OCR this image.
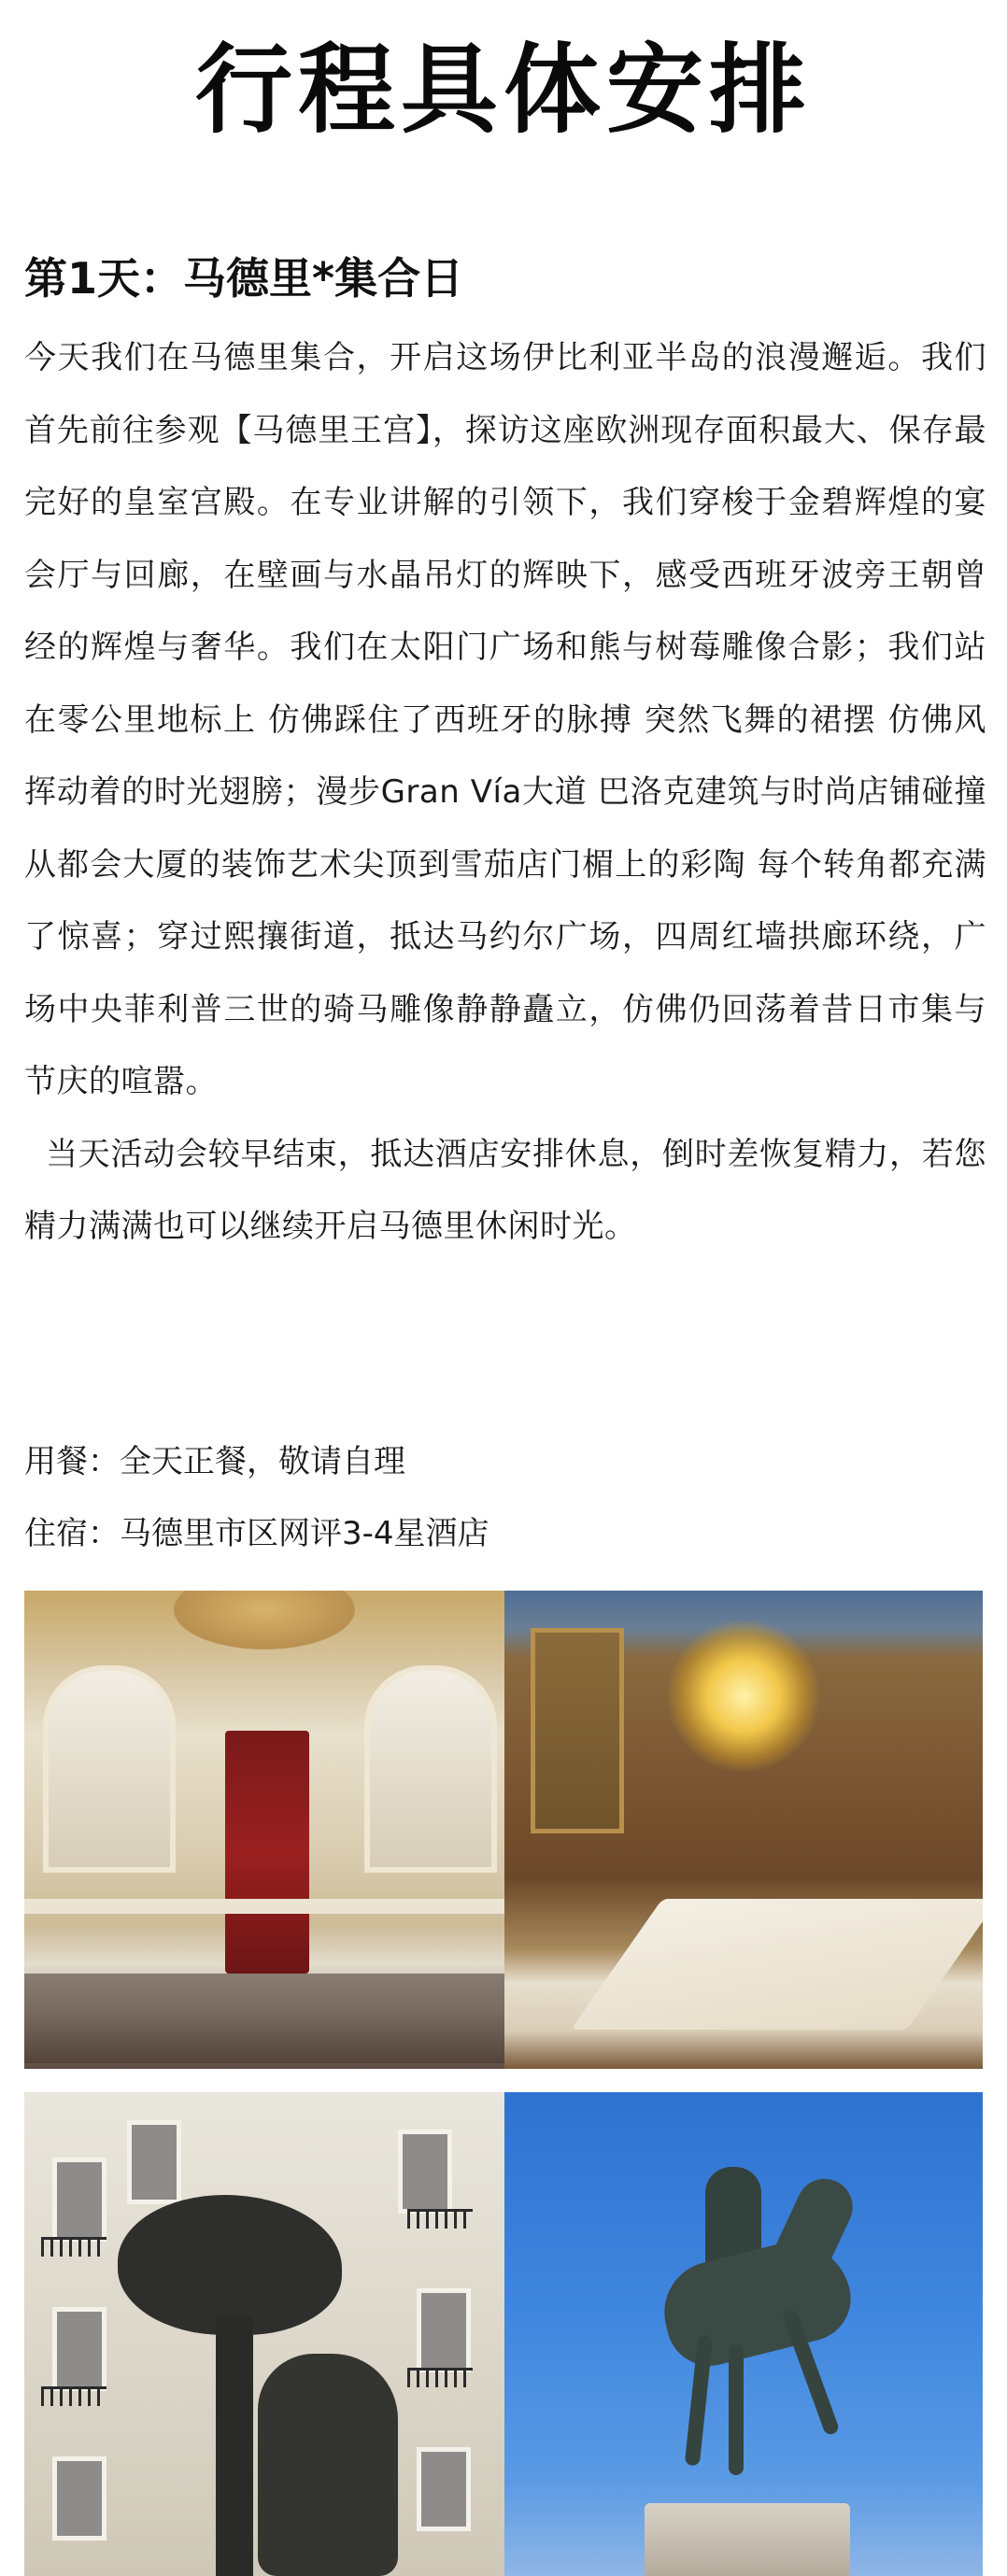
行程具体安排
第1天：马德里*集合日

今天我们在马德里集合，开启这场伊比利亚半岛的浪漫邂逅。我们首先前往参观【马德里王宫】，探访这座欧洲现存面积最大、保存最完好的皇室宫殿。在专业讲解的引领下，我们穿梭于金碧辉煌的宴会厅与回廊，在壁画与水晶吊灯的辉映下，感受西班牙波旁王朝曾经的辉煌与奢华。我们在太阳门广场和熊与树莓雕像合影；我们站在零公里地标上 仿佛踩住了西班牙的脉搏 突然飞舞的裙摆 仿佛风挥动着的时光翅膀；漫步Gran Vía大道 巴洛克建筑与时尚店铺碰撞 从都会大厦的装饰艺术尖顶到雪茄店门楣上的彩陶 每个转角都充满了惊喜；穿过熙攘街道，抵达马约尔广场，四周红墙拱廊环绕，广场中央菲利普三世的骑马雕像静静矗立，仿佛仍回荡着昔日市集与节庆的喧嚣。

当天活动会较早结束，抵达酒店安排休息，倒时差恢复精力，若您精力满满也可以继续开启马德里休闲时光。

用餐：全天正餐，敬请自理
住宿：马德里市区网评3-4星酒店
